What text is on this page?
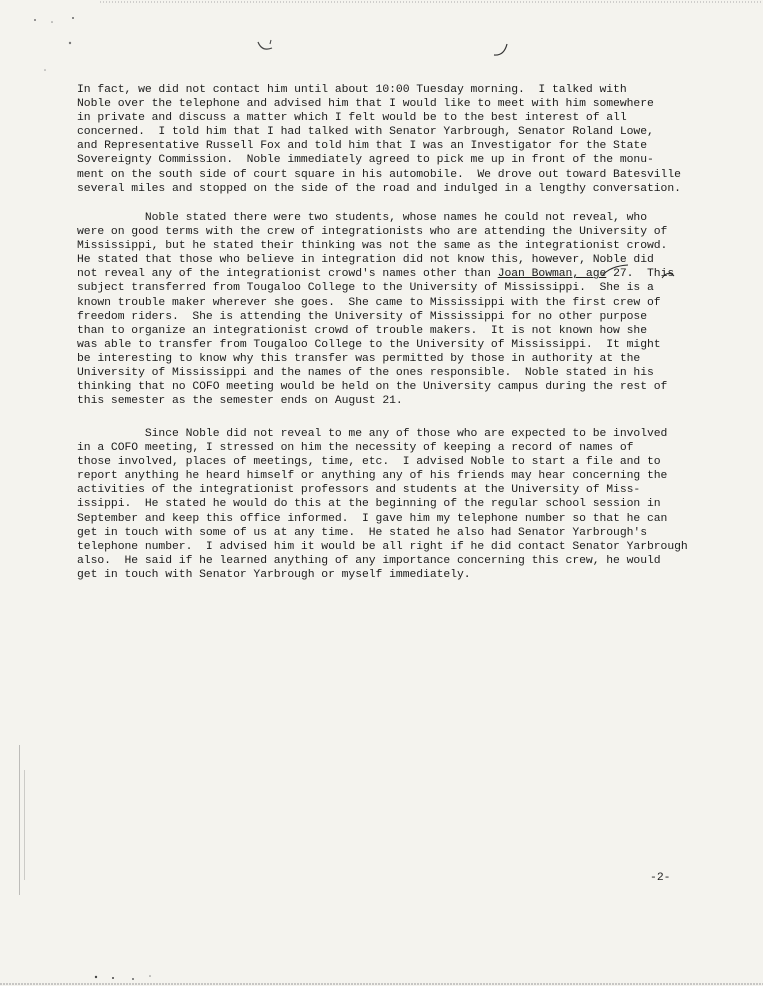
In fact, we did not contact him until about 10:00 Tuesday morning.  I talked with
Noble over the telephone and advised him that I would like to meet with him somewhere
in private and discuss a matter which I felt would be to the best interest of all
concerned.  I told him that I had talked with Senator Yarbrough, Senator Roland Lowe,
and Representative Russell Fox and told him that I was an Investigator for the State
Sovereignty Commission.  Noble immediately agreed to pick me up in front of the monu-
ment on the south side of court square in his automobile.  We drove out toward Batesville
several miles and stopped on the side of the road and indulged in a lengthy conversation.
Noble stated there were two students, whose names he could not reveal, who
were on good terms with the crew of integrationists who are attending the University of
Mississippi, but he stated their thinking was not the same as the integrationist crowd.
He stated that those who believe in integration did not know this, however, Noble did
not reveal any of the integrationist crowd's names other than Joan Bowman, age 27.  This
subject transferred from Tougaloo College to the University of Mississippi.  She is a
known trouble maker wherever she goes.  She came to Mississippi with the first crew of
freedom riders.  She is attending the University of Mississippi for no other purpose
than to organize an integrationist crowd of trouble makers.  It is not known how she
was able to transfer from Tougaloo College to the University of Mississippi.  It might
be interesting to know why this transfer was permitted by those in authority at the
University of Mississippi and the names of the ones responsible.  Noble stated in his
thinking that no COFO meeting would be held on the University campus during the rest of
this semester as the semester ends on August 21.
Since Noble did not reveal to me any of those who are expected to be involved
in a COFO meeting, I stressed on him the necessity of keeping a record of names of
those involved, places of meetings, time, etc.  I advised Noble to start a file and to
report anything he heard himself or anything any of his friends may hear concerning the
activities of the integrationist professors and students at the University of Miss-
issippi.  He stated he would do this at the beginning of the regular school session in
September and keep this office informed.  I gave him my telephone number so that he can
get in touch with some of us at any time.  He stated he also had Senator Yarbrough's
telephone number.  I advised him it would be all right if he did contact Senator Yarbrough
also.  He said if he learned anything of any importance concerning this crew, he would
get in touch with Senator Yarbrough or myself immediately.
-2-
